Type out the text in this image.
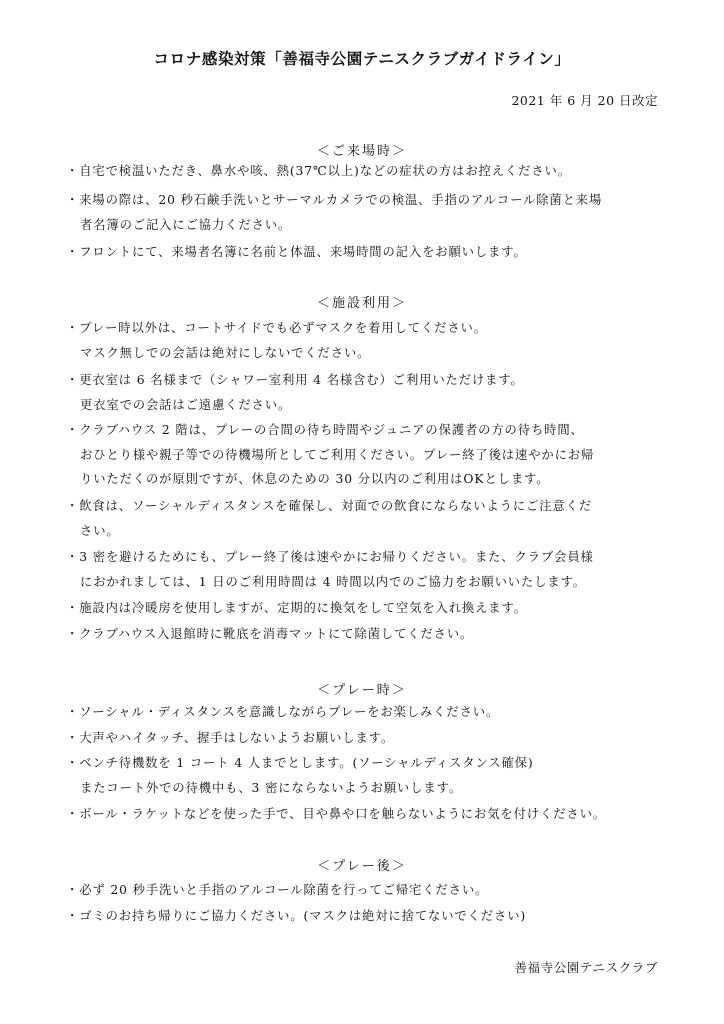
コロナ感染対策「善福寺公園テニスクラブガイドライン」
2021 年 6 月 20 日改定
＜ご来場時＞
・自宅で検温いただき、鼻水や咳、熱(37℃以上)などの症状の方はお控えください。
・来場の際は、20 秒石鹸手洗いとサーマルカメラでの検温、手指のアルコール除菌と来場
者名簿のご記入にご協力ください。
・フロントにて、来場者名簿に名前と体温、来場時間の記入をお願いします。
＜施設利用＞
・プレー時以外は、コートサイドでも必ずマスクを着用してください。
マスク無しでの会話は絶対にしないでください。
・更衣室は 6 名様まで（シャワー室利用 4 名様含む）ご利用いただけます。
更衣室での会話はご遠慮ください。
・クラブハウス 2 階は、プレーの合間の待ち時間やジュニアの保護者の方の待ち時間、
おひとり様や親子等での待機場所としてご利用ください。プレー終了後は速やかにお帰
りいただくのが原則ですが、休息のための 30 分以内のご利用はOKとします。
・飲食は、ソーシャルディスタンスを確保し、対面での飲食にならないようにご注意くだ
さい。
・3 密を避けるためにも、プレー終了後は速やかにお帰りください。また、クラブ会員様
におかれましては、1 日のご利用時間は 4 時間以内でのご協力をお願いいたします。
・施設内は冷暖房を使用しますが、定期的に換気をして空気を入れ換えます。
・クラブハウス入退館時に靴底を消毒マットにて除菌してください。
＜プレー時＞
・ソーシャル・ディスタンスを意識しながらプレーをお楽しみください。
・大声やハイタッチ、握手はしないようお願いします。
・ベンチ待機数を 1 コート 4 人までとします。(ソーシャルディスタンス確保)
またコート外での待機中も、3 密にならないようお願いします。
・ボール・ラケットなどを使った手で、目や鼻や口を触らないようにお気を付けください。
＜プレー後＞
・必ず 20 秒手洗いと手指のアルコール除菌を行ってご帰宅ください。
・ゴミのお持ち帰りにご協力ください。(マスクは絶対に捨てないでください)
善福寺公園テニスクラブ
